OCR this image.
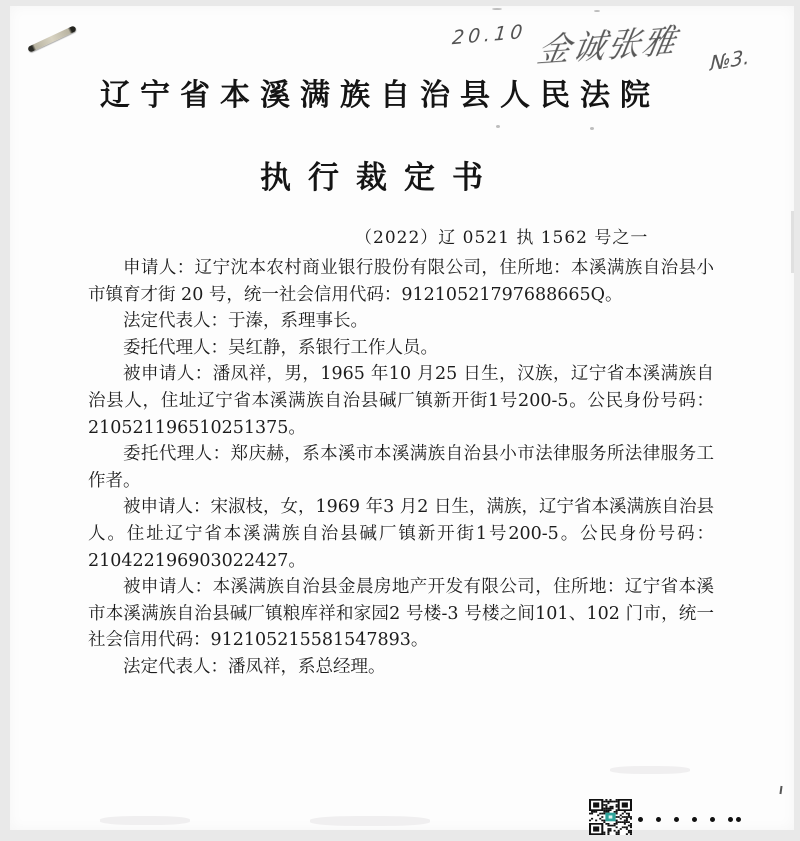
20.10 金诚张雅 №3.
辽宁省本溪满族自治县人民法院
执行裁定书
（2022）辽 0521 执 1562 号之一

申请人：辽宁沈本农村商业银行股份有限公司，住所地：本溪满族自治县小市镇育才街 20 号，统一社会信用代码：91210521797688665Q。

法定代表人：于溱，系理事长。

委托代理人：吴红静，系银行工作人员。

被申请人：潘凤祥，男，1965 年10 月25 日生，汉族，辽宁省本溪满族自治县人，住址辽宁省本溪满族自治县碱厂镇新开街1号200-5。公民身份号码：210521196510251375。

委托代理人：郑庆赫，系本溪市本溪满族自治县小市法律服务所法律服务工作者。

被申请人：宋淑枝，女，1969 年3 月2 日生，满族，辽宁省本溪满族自治县人。住址辽宁省本溪满族自治县碱厂镇新开街1号200-5。公民身份号码：210422196903022427。

被申请人：本溪满族自治县金晨房地产开发有限公司，住所地：辽宁省本溪市本溪满族自治县碱厂镇粮库祥和家园2 号楼-3 号楼之间101、102 门市，统一社会信用代码：912105215581547893。

法定代表人：潘凤祥，系总经理。
